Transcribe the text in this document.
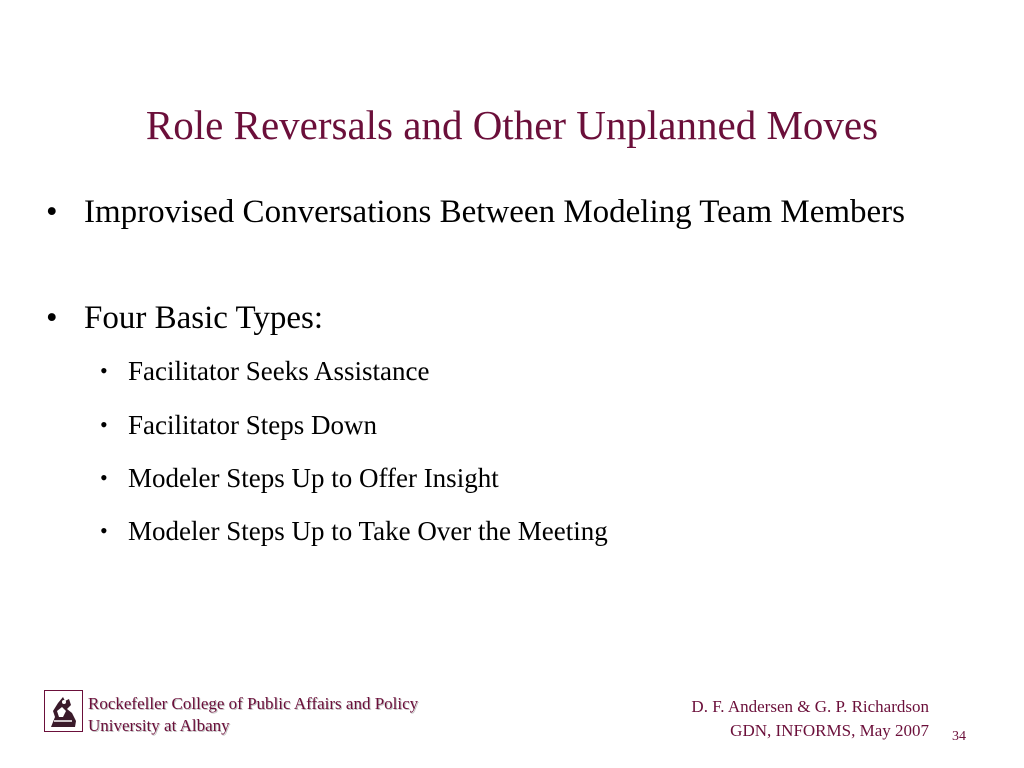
Role Reversals and Other Unplanned Moves
• Improvised Conversations Between Modeling Team Members
• Four Basic Types:
• Facilitator Seeks Assistance
• Facilitator Steps Down
• Modeler Steps Up to Offer Insight
• Modeler Steps Up to Take Over the Meeting
Rockefeller College of Public Affairs and Policy
University at Albany
D. F. Andersen & G. P. Richardson
GDN, INFORMS, May 2007 34
